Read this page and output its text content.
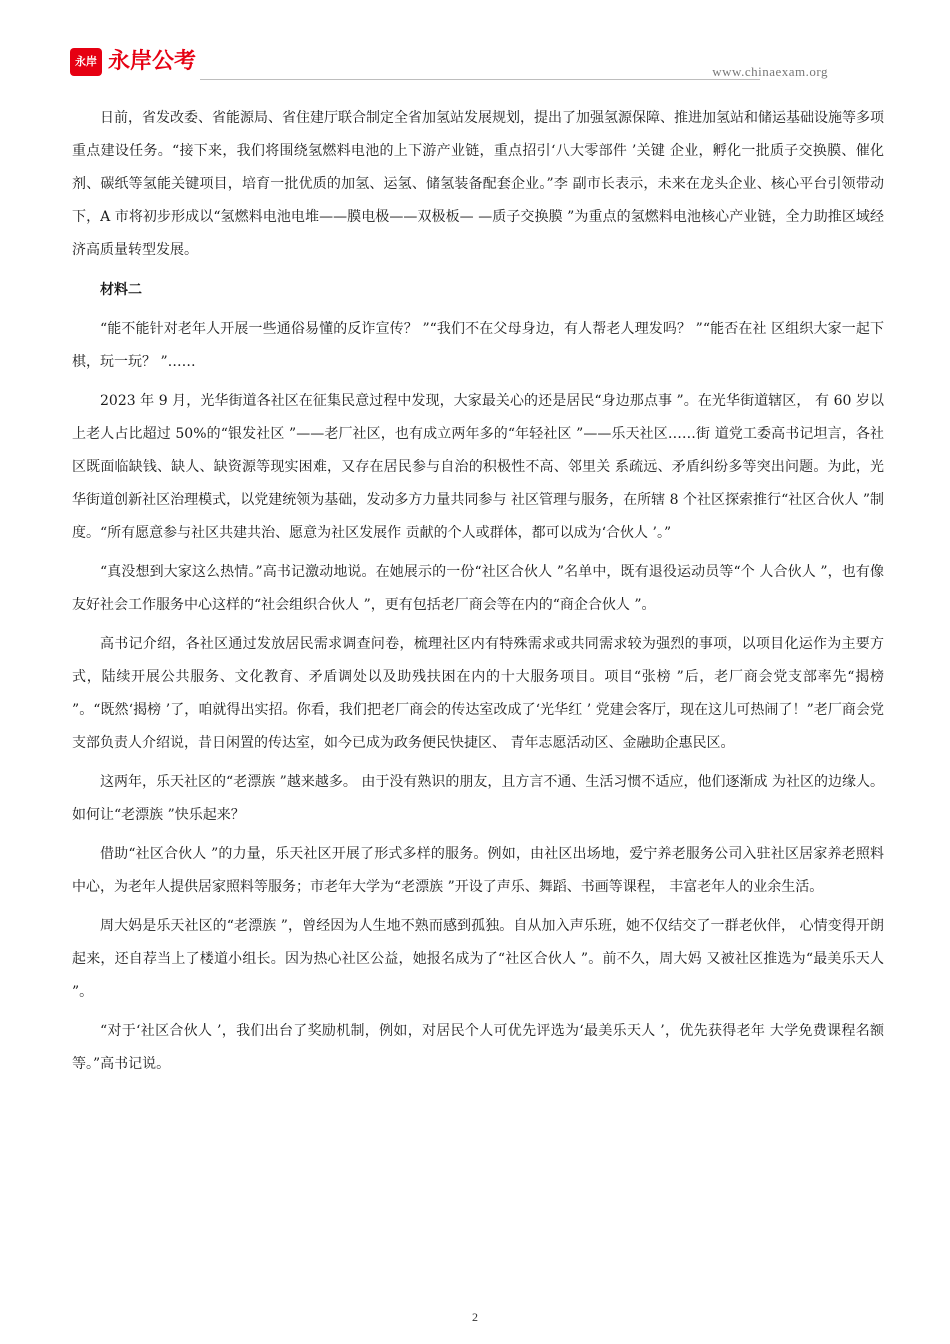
永岸 永岸公考	www.chinaexam.org

日前，省发改委、省能源局、省住建厅联合制定全省加氢站发展规划，提出了加强氢源保障、推进加氢站和储运基础设施等多项重点建设任务。“接下来，我们将围绕氢燃料电池的上下游产业链，重点招引‘八大零部件 ’关键 企业，孵化一批质子交换膜、催化剂、碳纸等氢能关键项目，培育一批优质的加氢、运氢、储氢装备配套企业。”李 副市长表示，未来在龙头企业、核心平台引领带动下，A 市将初步形成以“氢燃料电池电堆——膜电极——双极板— —质子交换膜 ”为重点的氢燃料电池核心产业链，全力助推区域经济高质量转型发展。

材料二

“能不能针对老年人开展一些通俗易懂的反诈宣传？ ”“我们不在父母身边，有人帮老人理发吗？ ”“能否在社 区组织大家一起下棋，玩一玩？ ”……

2023 年 9 月，光华街道各社区在征集民意过程中发现，大家最关心的还是居民“身边那点事 ”。在光华街道辖区， 有 60 岁以上老人占比超过 50%的“银发社区 ”——老厂社区，也有成立两年多的“年轻社区 ”——乐天社区……街 道党工委高书记坦言，各社区既面临缺钱、缺人、缺资源等现实困难，又存在居民参与自治的积极性不高、邻里关 系疏远、矛盾纠纷多等突出问题。为此，光华街道创新社区治理模式，以党建统领为基础，发动多方力量共同参与 社区管理与服务，在所辖 8 个社区探索推行“社区合伙人 ”制度。“所有愿意参与社区共建共治、愿意为社区发展作 贡献的个人或群体，都可以成为‘合伙人 ’。”

“真没想到大家这么热情。”高书记激动地说。在她展示的一份“社区合伙人 ”名单中，既有退役运动员等“个 人合伙人 ”，也有像友好社会工作服务中心这样的“社会组织合伙人 ”，更有包括老厂商会等在内的“商企合伙人 ”。

高书记介绍，各社区通过发放居民需求调查问卷，梳理社区内有特殊需求或共同需求较为强烈的事项，以项目化运作为主要方式，陆续开展公共服务、文化教育、矛盾调处以及助残扶困在内的十大服务项目。项目“张榜 ”后，老厂商会党支部率先“揭榜 ”。“既然‘揭榜 ’了，咱就得出实招。你看，我们把老厂商会的传达室改成了‘光华红 ’ 党建会客厅，现在这儿可热闹了！”老厂商会党支部负责人介绍说，昔日闲置的传达室，如今已成为政务便民快捷区、 青年志愿活动区、金融助企惠民区。

这两年，乐天社区的“老漂族 ”越来越多。 由于没有熟识的朋友，且方言不通、生活习惯不适应，他们逐渐成 为社区的边缘人。如何让“老漂族 ”快乐起来？

借助“社区合伙人 ”的力量，乐天社区开展了形式多样的服务。例如，由社区出场地，爱宁养老服务公司入驻社区居家养老照料中心，为老年人提供居家照料等服务；市老年大学为“老漂族 ”开设了声乐、舞蹈、书画等课程， 丰富老年人的业余生活。

周大妈是乐天社区的“老漂族 ”，曾经因为人生地不熟而感到孤独。自从加入声乐班，她不仅结交了一群老伙伴， 心情变得开朗起来，还自荐当上了楼道小组长。因为热心社区公益，她报名成为了“社区合伙人 ”。前不久，周大妈 又被社区推选为“最美乐天人 ”。

“对于‘社区合伙人 ’，我们出台了奖励机制，例如，对居民个人可优先评选为‘最美乐天人 ’，优先获得老年 大学免费课程名额等。”高书记说。

2
